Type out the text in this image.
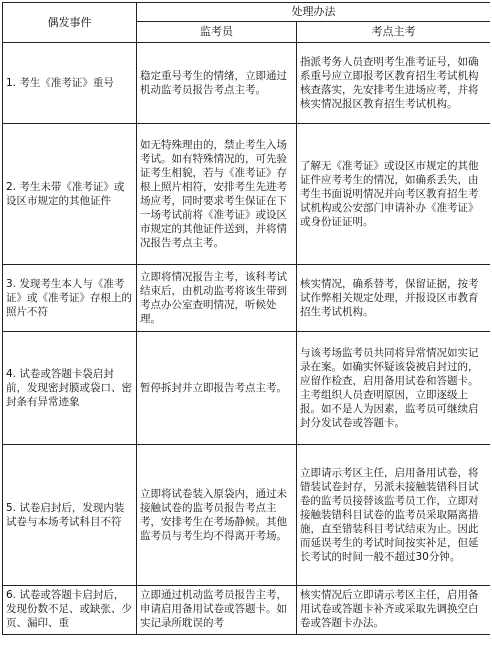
偶发事件	处理办法	
	监考员	考点主考
1. 考生《准考证》重号	稳定重号考生的情绪，立即通过机动监考员报告考点主考。	指派考务人员查明考生准考证号，如确系重号应立即报考区教育招生考试机构核查落实，先安排考生进场应考，并将核实情况报区教育招生考试机构。
2. 考生未带《准考证》或设区市规定的其他证件	如无特殊理由的，禁止考生入场考试。如有特殊情况的，可先验证考生相貌，若与《准考证》存根上照片相符，安排考生先进考场应考，同时要求考生保证在下一场考试前将《准考证》或设区市规定的其他证件送到，并将情况报告考点主考。	了解无《准考证》或设区市规定的其他证件应考考生的情况，如确系丢失，由考生书面说明情况并向考区教育招生考试机构或公安部门申请补办《准考证》或身份证证明。
3. 发现考生本人与《准考证》或《准考证》存根上的照片不符	立即将情况报告主考，该科考试结束后，由机动监考将该生带到考点办公室查明情况，听候处理。	核实情况，确系替考，保留证据，按考试作弊相关规定处理，并报设区市教育招生考试机构。
4. 试卷或答题卡袋启封前，发现密封膜或袋口、密封条有异常迹象	暂停拆封并立即报告考点主考。	与该考场监考员共同将异常情况如实记录在案。如确实怀疑该袋被启封过的，应留作检查，启用备用试卷和答题卡。主考组织人员查明原因，立即逐级上报。如不是人为因素，监考员可继续启封分发试卷或答题卡。
5. 试卷启封后，发现内装试卷与本场考试科目不符	立即将试卷装入原袋内，通过未接触试卷的监考员报告考点主考，安排考生在考场静候。其他监考员与考生均不得离开考场。	立即请示考区主任，启用备用试卷，将错装试卷封存，另派未接触装错科目试卷的监考员接替该监考员工作，立即对接触装错科目试卷的监考员采取隔离措施，直至错装科目考试结束为止。因此而延误考生的考试时间按实补足，但延长考试的时间一般不超过30分钟。
6. 试卷或答题卡启封后，发现份数不足、或缺张、少页、漏印、重	立即通过机动监考员报告主考，申请启用备用试卷或答题卡。如实记录所耽误的考	核实情况后立即请示考区主任，启用备用试卷或答题卡补齐或采取先调换空白卷或答题卡办法。
